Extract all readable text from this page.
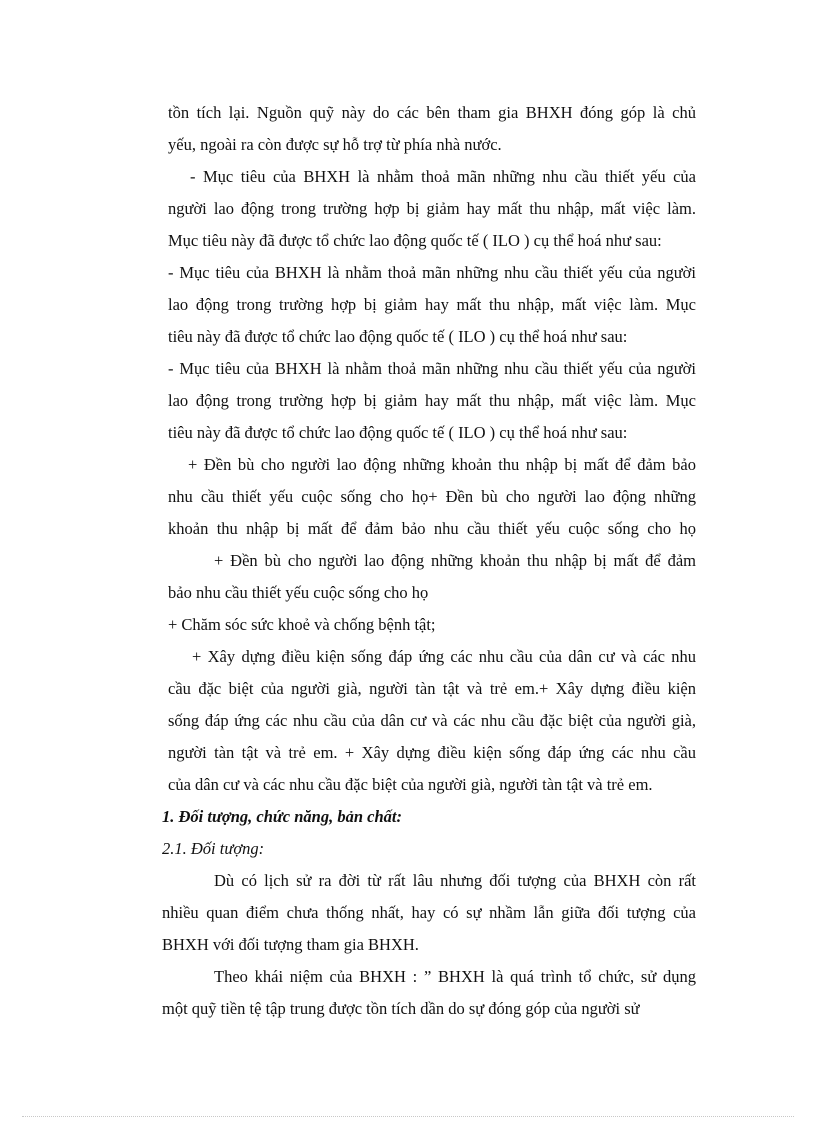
tồn tích lại. Nguồn quỹ này do các bên tham gia BHXH đóng góp là chủ
yếu, ngoài ra còn được sự hỗ trợ từ phía nhà nước.
- Mục tiêu của BHXH là nhằm thoả mãn những nhu cầu thiết yếu của
người lao động trong trường hợp bị giảm hay mất thu nhập, mất việc làm.
Mục tiêu này đã được tổ chức lao động quốc tế ( ILO ) cụ thể hoá như sau:
- Mục tiêu của BHXH là nhằm thoả mãn những nhu cầu thiết yếu của người
lao động trong trường hợp bị giảm hay mất thu nhập, mất việc làm. Mục
tiêu này đã được tổ chức lao động quốc tế ( ILO ) cụ thể hoá như sau:
- Mục tiêu của BHXH là nhằm thoả mãn những nhu cầu thiết yếu của người
lao động trong trường hợp bị giảm hay mất thu nhập, mất việc làm. Mục
tiêu này đã được tổ chức lao động quốc tế ( ILO ) cụ thể hoá như sau:
+ Đền bù cho người lao động những khoản thu nhập bị mất để đảm bảo
nhu cầu thiết yếu cuộc sống cho họ+ Đền bù cho người lao động những
khoản thu nhập bị mất để đảm bảo nhu cầu thiết yếu cuộc sống cho họ
+ Đền bù cho người lao động những khoản thu nhập bị mất để đảm
bảo nhu cầu thiết yếu cuộc sống cho họ
+ Chăm sóc sức khoẻ và chống bệnh tật;
+ Xây dựng điều kiện sống đáp ứng các nhu cầu của dân cư và các nhu
cầu đặc biệt của người già, người tàn tật và trẻ em.+ Xây dựng điều kiện
sống đáp ứng các nhu cầu của dân cư và các nhu cầu đặc biệt của người già,
người tàn tật và trẻ em. + Xây dựng điều kiện sống đáp ứng các nhu cầu
của dân cư và các nhu cầu đặc biệt của người già, người tàn tật và trẻ em.
1. Đối tượng, chức năng, bản chất:
2.1. Đối tượng:
Dù có lịch sử ra đời từ rất lâu nhưng đối tượng của BHXH còn rất
nhiều quan điểm chưa thống nhất, hay có sự nhầm lẫn giữa đối tượng của
BHXH với đối tượng tham gia BHXH.
Theo khái niệm của BHXH : ” BHXH là quá trình tổ chức, sử dụng
một quỹ tiền tệ tập trung được tồn tích dần do sự đóng góp của người sử
